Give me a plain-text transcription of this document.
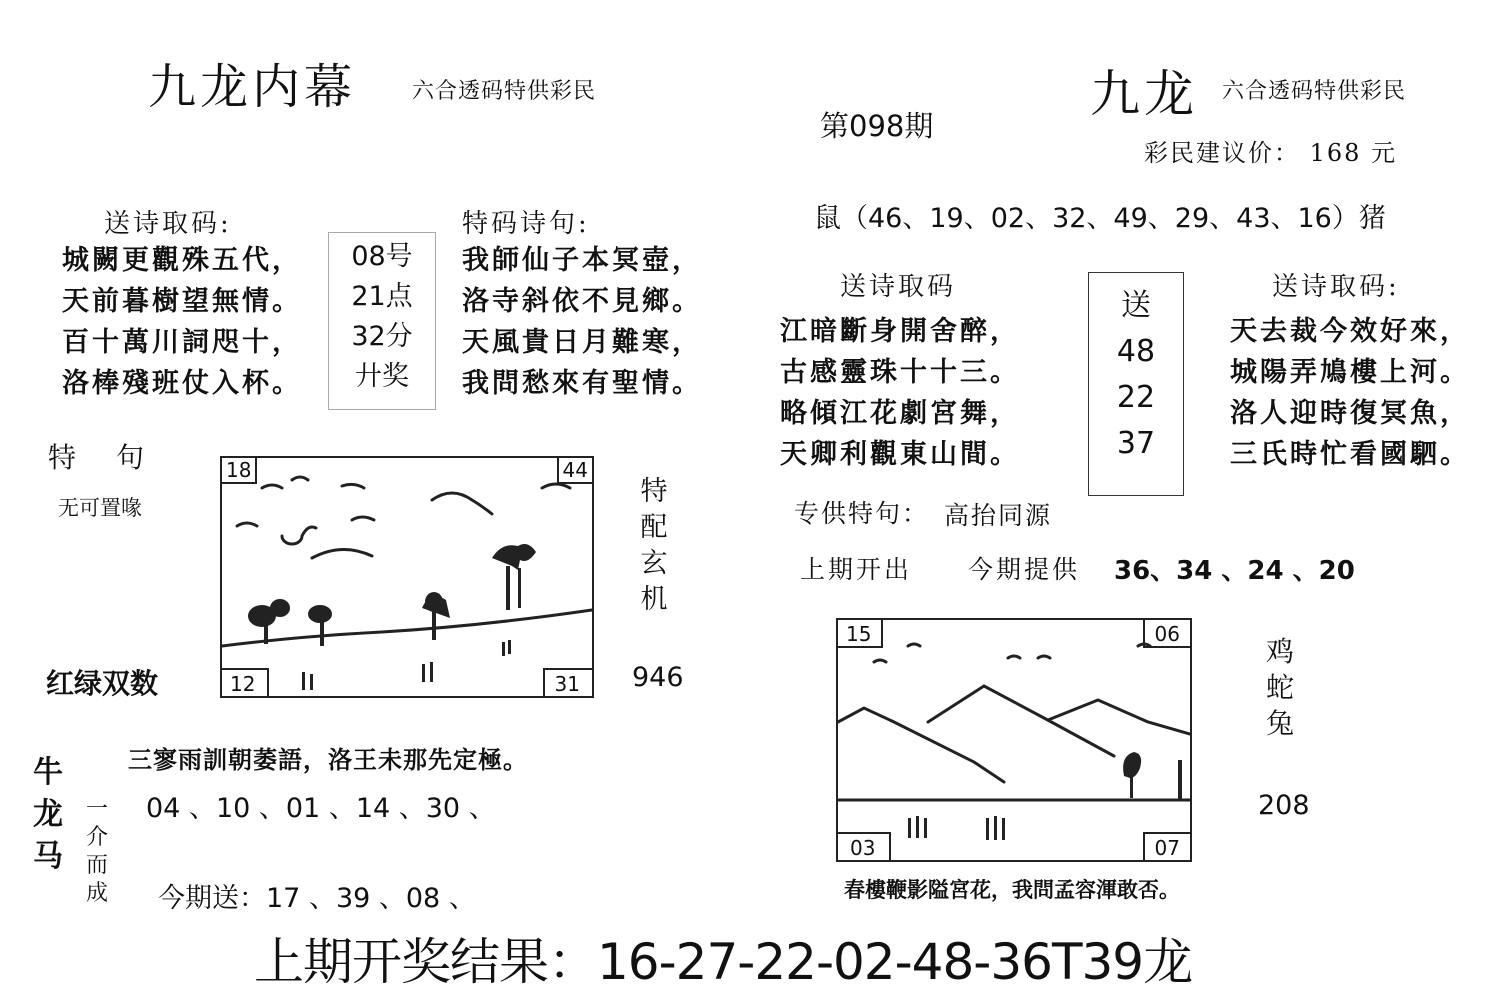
九龙内幕	六合透码特供彩民
送诗取码:
城闕更觀殊五代，
天前暮樹望無情。
百十萬川詞咫十，
洛棒殘班仗入杯。
08号
21点
32分
廾奖
特码诗句:
我師仙子本冥壺，
洛寺斜依不見鄉。
天風貴日月難寒，
我問愁來有聖情。
特　句
无可置喙
红绿双数
18	44
12	31
特
配
玄
机
946
三寥雨訓朝萎語，洛王未那先定極。
牛
龙
马
一
介
而
成
04 、10 、01 、14 、30 、
今期送：17 、39 、08 、
九龙 六合透码特供彩民
第098期
彩民建议价： 168 元
鼠（46、19、02、32、49、29、43、16）猪
送诗取码
江暗斷身開舍醉，
古感靈珠十十三。
略傾江花劇宮舞，
天卿利觀東山間。
送
48
22
37
送诗取码:
天去裁今效好來，
城陽弄鳩樓上河。
洛人迎時復冥魚，
三氏時忙看國駟。
专供特句： 高抬同源
上期开出 今期提供 36、34 、24 、20
15	06
03	07
鸡
蛇
兔
208
春樓鞭影隘宮花，我問孟容渾敢否。
上期开奖结果：16-27-22-02-48-36T39龙
